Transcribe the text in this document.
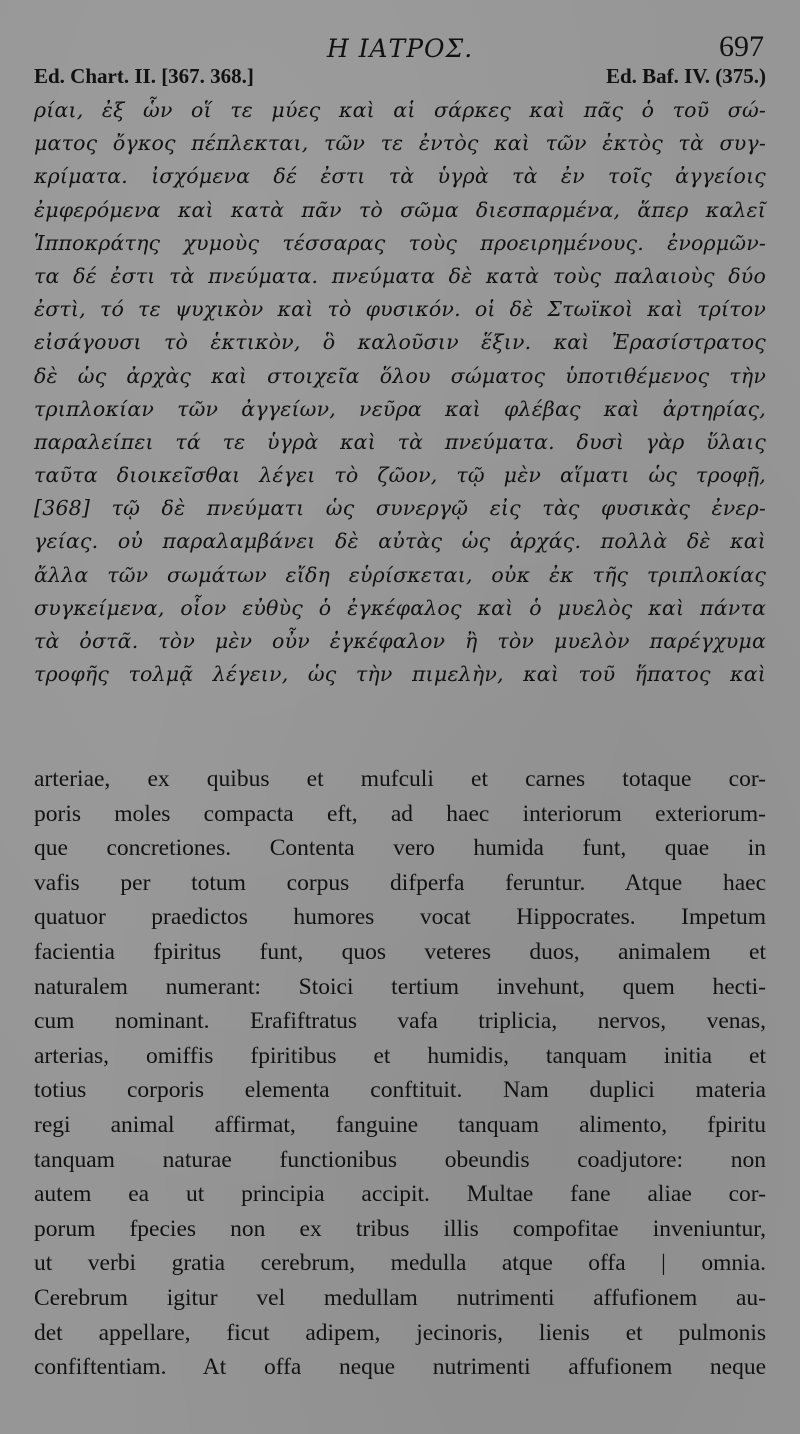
Η ΙΑΤΡΟΣ.	697
Ed. Chart. II. [367. 368.]	Ed. Baf. IV. (375.)
ρίαι, ἐξ ὧν οἵ τε μύες καὶ αἱ σάρκες καὶ πᾶς ὁ τοῦ σώ-
ματος ὄγκος πέπλεκται, τῶν τε ἐντὸς καὶ τῶν ἐκτὸς τὰ συγ-
κρίματα. ἰσχόμενα δέ ἐστι τὰ ὑγρὰ τὰ ἐν τοῖς ἀγγείοις
ἐμφερόμενα καὶ κατὰ πᾶν τὸ σῶμα διεσπαρμένα, ἅπερ καλεῖ
Ἱπποκράτης χυμοὺς τέσσαρας τοὺς προειρημένους. ἐνορμῶν-
τα δέ ἐστι τὰ πνεύματα. πνεύματα δὲ κατὰ τοὺς παλαιοὺς δύο
ἐστὶ, τό τε ψυχικὸν καὶ τὸ φυσικόν. οἱ δὲ Στωϊκοὶ καὶ τρίτον
εἰσάγουσι τὸ ἑκτικὸν, ὃ καλοῦσιν ἕξιν. καὶ Ἐρασίστρατος
δὲ ὡς ἀρχὰς καὶ στοιχεῖα ὅλου σώματος ὑποτιθέμενος τὴν
τριπλοκίαν τῶν ἀγγείων, νεῦρα καὶ φλέβας καὶ ἀρτηρίας,
παραλείπει τά τε ὑγρὰ καὶ τὰ πνεύματα. δυσὶ γὰρ ὕλαις
ταῦτα διοικεῖσθαι λέγει τὸ ζῶον, τῷ μὲν αἵματι ὡς τροφῇ,
[368] τῷ δὲ πνεύματι ὡς συνεργῷ εἰς τὰς φυσικὰς ἐνερ-
γείας. οὐ παραλαμβάνει δὲ αὐτὰς ὡς ἀρχάς. πολλὰ δὲ καὶ
ἄλλα τῶν σωμάτων εἴδη εὑρίσκεται, οὐκ ἐκ τῆς τριπλοκίας
συγκείμενα, οἷον εὐθὺς ὁ ἐγκέφαλος καὶ ὁ μυελὸς καὶ πάντα
τὰ ὀστᾶ. τὸν μὲν οὖν ἐγκέφαλον ἢ τὸν μυελὸν παρέγχυμα
τροφῆς τολμᾷ λέγειν, ὡς τὴν πιμελὴν, καὶ τοῦ ἥπατος καὶ
arteriae, ex quibus et mufculi et carnes totaque cor-
poris moles compacta eft, ad haec interiorum exteriorum-
que concretiones. Contenta vero humida funt, quae in
vafis per totum corpus difperfa feruntur. Atque haec
quatuor praedictos humores vocat Hippocrates. Impetum
facientia fpiritus funt, quos veteres duos, animalem et
naturalem numerant: Stoici tertium invehunt, quem hecti-
cum nominant. Erafiftratus vafa triplicia, nervos, venas,
arterias, omiffis fpiritibus et humidis, tanquam initia et
totius corporis elementa conftituit. Nam duplici materia
regi animal affirmat, fanguine tanquam alimento, fpiritu
tanquam naturae functionibus obeundis coadjutore: non
autem ea ut principia accipit. Multae fane aliae cor-
porum fpecies non ex tribus illis compofitae inveniuntur,
ut verbi gratia cerebrum, medulla atque offa | omnia.
Cerebrum igitur vel medullam nutrimenti affufionem au-
det appellare, ficut adipem, jecinoris, lienis et pulmonis
confiftentiam. At offa neque nutrimenti affufionem neque
